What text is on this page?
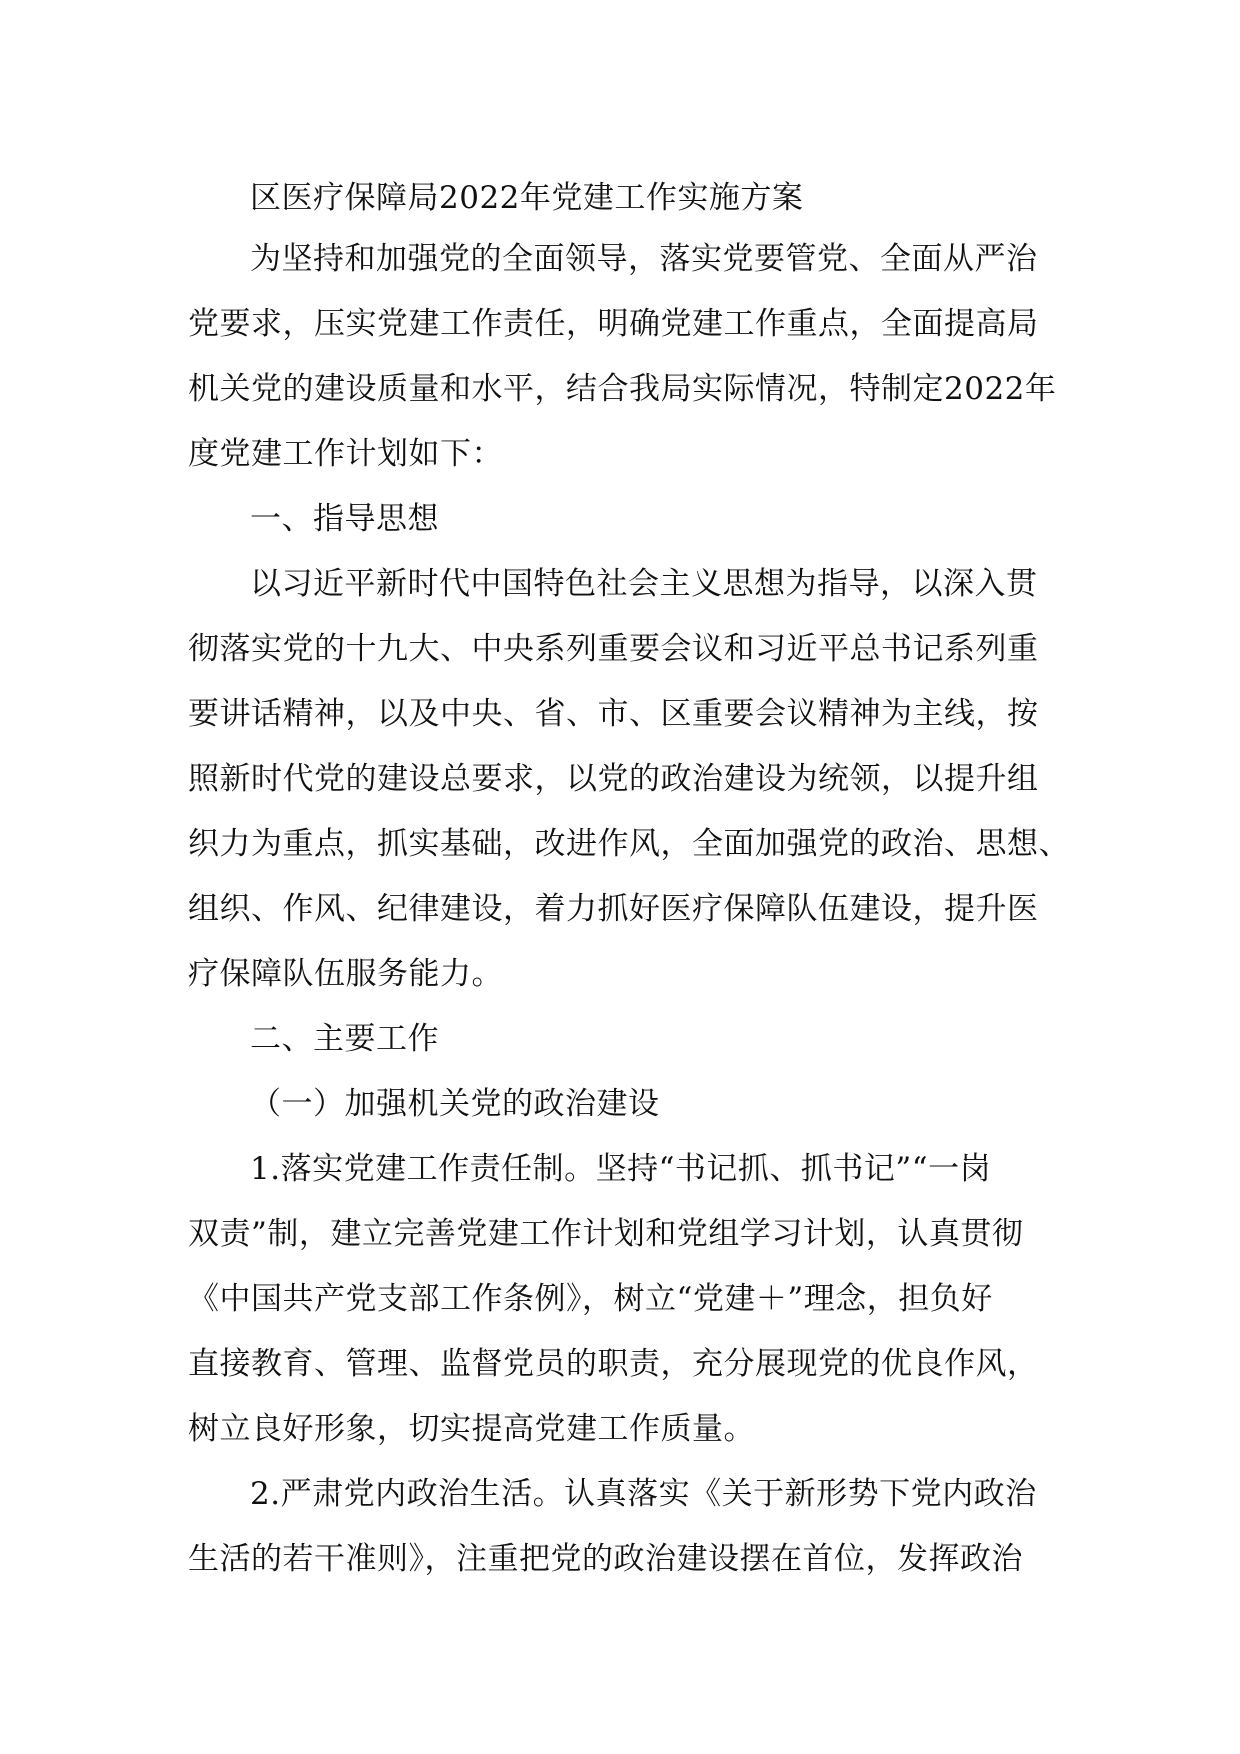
区医疗保障局2022年党建工作实施方案
为坚持和加强党的全面领导，落实党要管党、全面从严治
党要求，压实党建工作责任，明确党建工作重点，全面提高局
机关党的建设质量和水平，结合我局实际情况，特制定2022年
度党建工作计划如下：
一、指导思想
以习近平新时代中国特色社会主义思想为指导，以深入贯
彻落实党的十九大、中央系列重要会议和习近平总书记系列重
要讲话精神，以及中央、省、市、区重要会议精神为主线，按
照新时代党的建设总要求，以党的政治建设为统领，以提升组
织力为重点，抓实基础，改进作风，全面加强党的政治、思想、
组织、作风、纪律建设，着力抓好医疗保障队伍建设，提升医
疗保障队伍服务能力。
二、主要工作
（一）加强机关党的政治建设
1.落实党建工作责任制。坚持“书记抓、抓书记”“一岗
双责”制，建立完善党建工作计划和党组学习计划，认真贯彻
《中国共产党支部工作条例》，树立“党建＋”理念，担负好
直接教育、管理、监督党员的职责，充分展现党的优良作风，
树立良好形象，切实提高党建工作质量。
2.严肃党内政治生活。认真落实《关于新形势下党内政治
生活的若干准则》，注重把党的政治建设摆在首位，发挥政治
